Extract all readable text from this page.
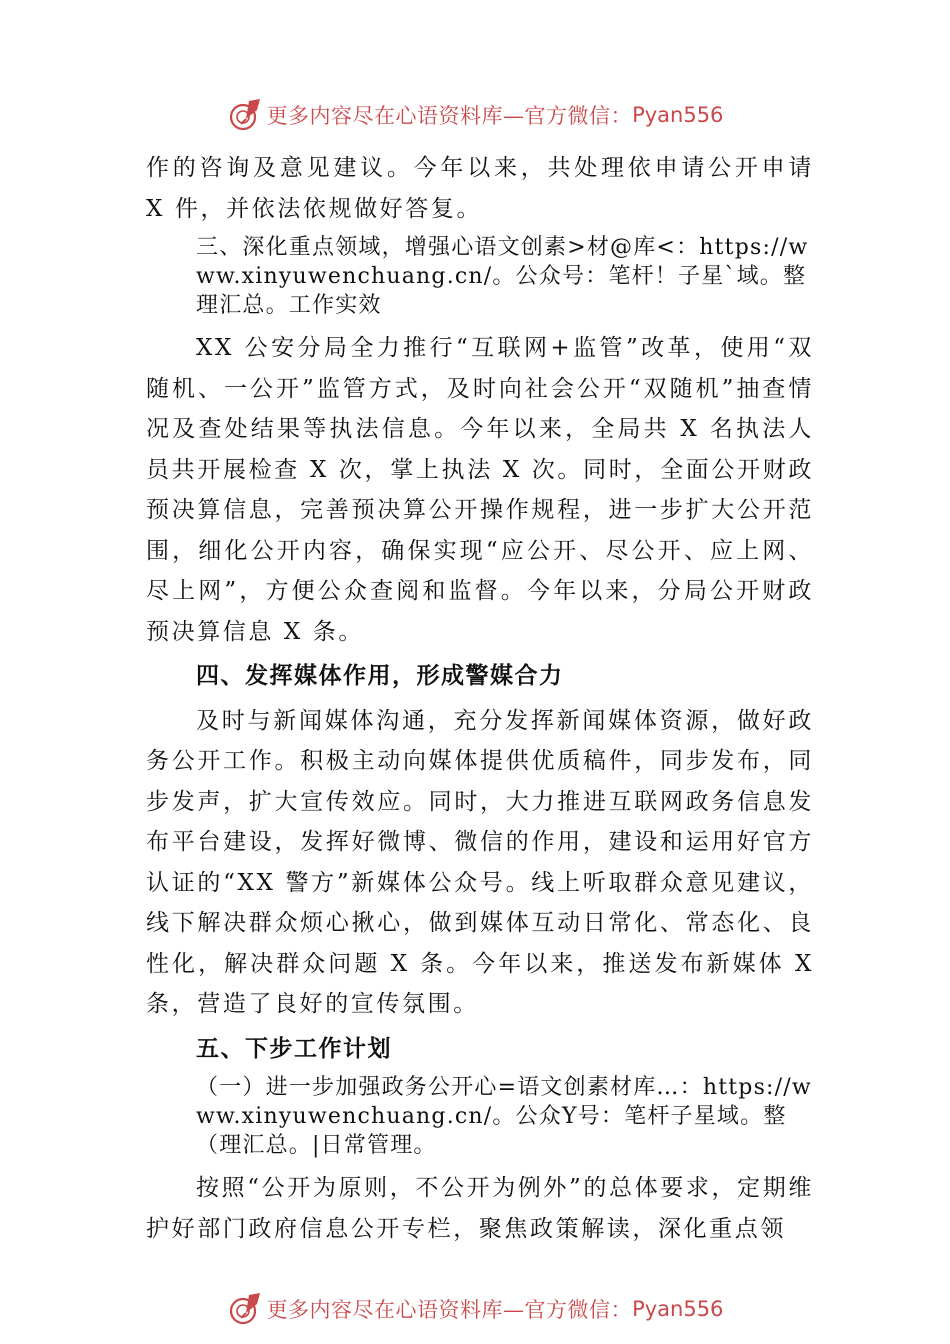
更多内容尽在心语资料库—官方微信： Pyan556

作的咨询及意见建议。今年以来，共处理依申请公开申请 X 件，并依法依规做好答复。

三、深化重点领域，增强心语文创素>材@库<：https://www.xinyuwenchuang.cn/。公众号：笔杆！子星`域。整理汇总。工作实效

XX 公安分局全力推行“互联网+监管”改革，使用“双随机、一公开”监管方式，及时向社会公开“双随机”抽查情况及查处结果等执法信息。今年以来，全局共 X 名执法人员共开展检查 X 次，掌上执法 X 次。同时，全面公开财政预决算信息，完善预决算公开操作规程，进一步扩大公开范围，细化公开内容，确保实现“应公开、尽公开、应上网、尽上网”，方便公众查阅和监督。今年以来，分局公开财政预决算信息 X 条。

四、发挥媒体作用，形成警媒合力

及时与新闻媒体沟通，充分发挥新闻媒体资源，做好政务公开工作。积极主动向媒体提供优质稿件，同步发布，同步发声，扩大宣传效应。同时，大力推进互联网政务信息发布平台建设，发挥好微博、微信的作用，建设和运用好官方认证的“XX 警方”新媒体公众号。线上听取群众意见建议，线下解决群众烦心揪心，做到媒体互动日常化、常态化、良 性化，解决群众问题 X 条。今年以来，推送发布新媒体 X 条，营造了良好的宣传氛围。

五、下步工作计划

（一）进一步加强政务公开心=语文创素材库…：https://www.xinyuwenchuang.cn/。公众Y号：笔杆子星域。整（理汇总。|日常管理。

按照“公开为原则，不公开为例外”的总体要求，定期维护好部门政府信息公开专栏，聚焦政策解读，深化重点领

更多内容尽在心语资料库—官方微信： Pyan556
